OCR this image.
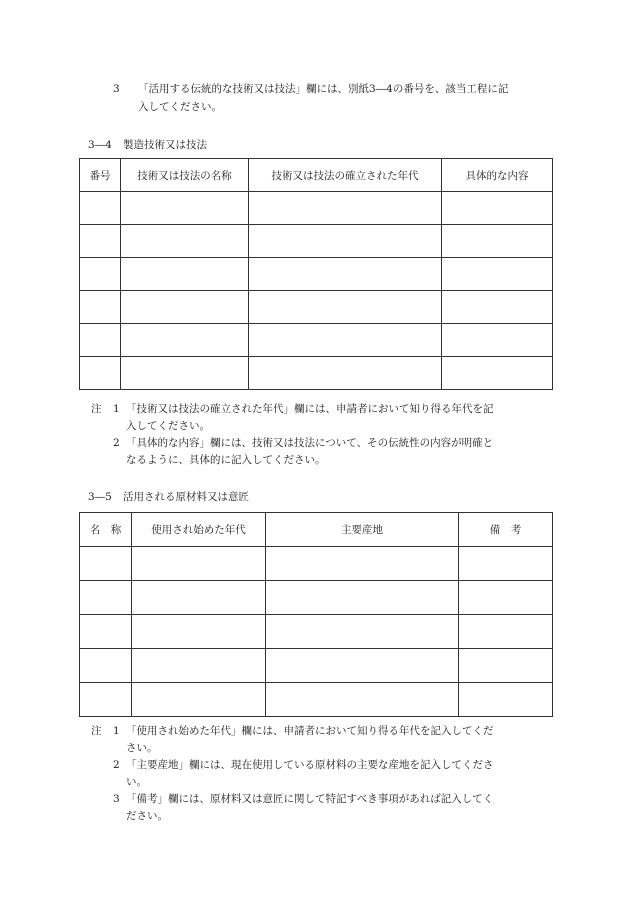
3 「活用する伝統的な技術又は技法」欄には、別紙3―4の番号を、該当工程に記
入してください。
3―4 製造技術又は技法
番号	技術又は技法の名称	技術又は技法の確立された年代	具体的な内容

注 1 「技術又は技法の確立された年代」欄には、申請者において知り得る年代を記
入してください。
2 「具体的な内容」欄には、技術又は技法について、その伝統性の内容が明確と
なるように、具体的に記入してください。
3―5 活用される原材料又は意匠
名　称	使用され始めた年代	主要産地	備　考

注 1 「使用され始めた年代」欄には、申請者において知り得る年代を記入してくだ
さい。
2 「主要産地」欄には、現在使用している原材料の主要な産地を記入してくださ
い。
3 「備考」欄には、原材料又は意匠に関して特記すべき事項があれば記入してく
ださい。
